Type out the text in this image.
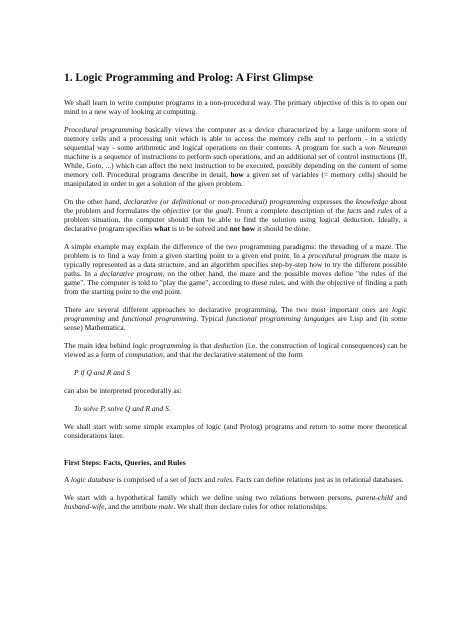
1. Logic Programming and Prolog: A First Glimpse

We shall learn to write computer programs in a non-procedural way. The primary objective of this is to open our mind to a new way of looking at computing.

Procedural programming basically views the computer as a device characterized by a large uniform store of memory cells and a processing unit which is able to access the memory cells and to perform - in a strictly sequential way - some arithmetic and logical operations on their contents. A program for such a von Neumann machine is a sequence of instructions to perform such operations, and an additional set of control instructions (If, While, Goto, ...) which can affect the next instruction to be executed, possibly depending on the content of some memory cell. Procedural programs describe in detail, how a given set of variables (= memory cells) should be manipulated in order to get a solution of the given problem.

On the other hand, declarative (or definitional or non-procedural) programming expresses the knowledge about the problem and formulates the objective (or the goal). From a complete description of the facts and rules of a problem situation, the computer should then be able to find the solution using logical deduction. Ideally, a declarative program specifies what is to be solved and not how it should be done.

A simple example may explain the difference of the two programming paradigms: the threading of a maze. The problem is to find a way from a given starting point to a given end point. In a procedural program the maze is typically represented as a data structure, and an algorithm specifies step-by-step how to try the different possible paths. In a declarative program, on the other hand, the maze and the possible moves define "the rules of the game". The computer is told to "play the game", according to these rules, and with the objective of finding a path from the starting point to the end point.

There are several different approaches to declarative programming. The two most important ones are logic programming and functional programming. Typical functional programming languages are Lisp and (in some sense) Mathematica.

The main idea behind logic programming is that deduction (i.e. the construction of logical consequences) can be viewed as a form of computation, and that the declarative statement of the form

P if Q and R and S

can also be interpreted procedurally as:

To solve P, solve Q and R and S.

We shall start with some simple examples of logic (and Prolog) programs and return to some more theoretical considerations later.

First Steps: Facts, Queries, and Rules

A logic database is comprised of a set of facts and rules. Facts can define relations just as in relational databases.

We start with a hypothetical family which we define using two relations between persons, parent-child and husband-wife, and the attribute male. We shall then declare rules for other relationships.
